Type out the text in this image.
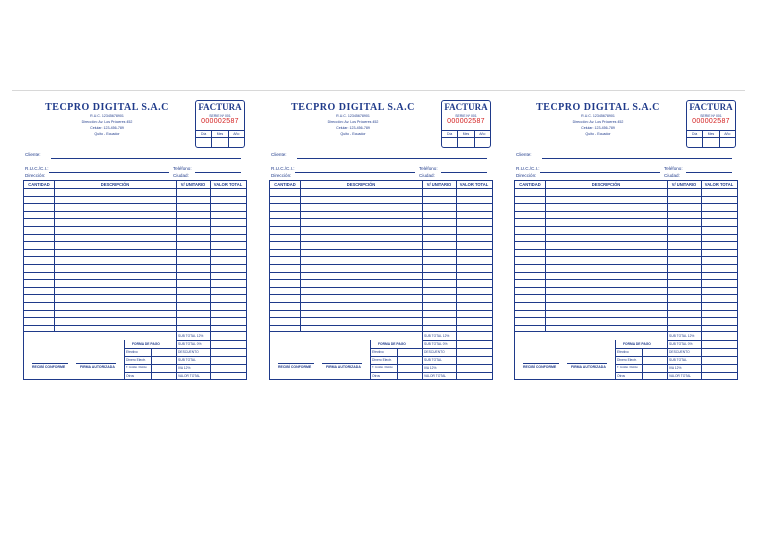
TECPRO DIGITAL S.A.C
R.U.C. 12345678901
Dirección: Av. Los Próceres 452
Celular: 123-456-789
Quito - Ecuador
FACTURA
SERIE Nº 001
000002587
Día	Mes	Año
Cliente:
R.U.C./C.I.:	Teléfono:
Dirección:	Ciudad:
CANTIDAD	DESCRIPCIÓN	V/ UNITARIO	VALOR TOTAL
SUB TOTAL 12%
SUB TOTAL 0%
DESCUENTO
SUB TOTAL
IVA 12%
VALOR TOTAL
FORMA DE PAGO
Efectivo
Dinero Electr.
T. Crédito / Débito
Otros
RECIBÍ CONFORME	FIRMA AUTORIZADA
TECPRO DIGITAL S.A.C
R.U.C. 12345678901
Dirección: Av. Los Próceres 452
Celular: 123-456-789
Quito - Ecuador
FACTURA
SERIE Nº 001
000002587
Día	Mes	Año
Cliente:
R.U.C./C.I.:	Teléfono:
Dirección:	Ciudad:
CANTIDAD	DESCRIPCIÓN	V/ UNITARIO	VALOR TOTAL
SUB TOTAL 12%
SUB TOTAL 0%
DESCUENTO
SUB TOTAL
IVA 12%
VALOR TOTAL
FORMA DE PAGO
Efectivo
Dinero Electr.
T. Crédito / Débito
Otros
RECIBÍ CONFORME	FIRMA AUTORIZADA
TECPRO DIGITAL S.A.C
R.U.C. 12345678901
Dirección: Av. Los Próceres 452
Celular: 123-456-789
Quito - Ecuador
FACTURA
SERIE Nº 001
000002587
Día	Mes	Año
Cliente:
R.U.C./C.I.:	Teléfono:
Dirección:	Ciudad:
CANTIDAD	DESCRIPCIÓN	V/ UNITARIO	VALOR TOTAL
SUB TOTAL 12%
SUB TOTAL 0%
DESCUENTO
SUB TOTAL
IVA 12%
VALOR TOTAL
FORMA DE PAGO
Efectivo
Dinero Electr.
T. Crédito / Débito
Otros
RECIBÍ CONFORME	FIRMA AUTORIZADA
